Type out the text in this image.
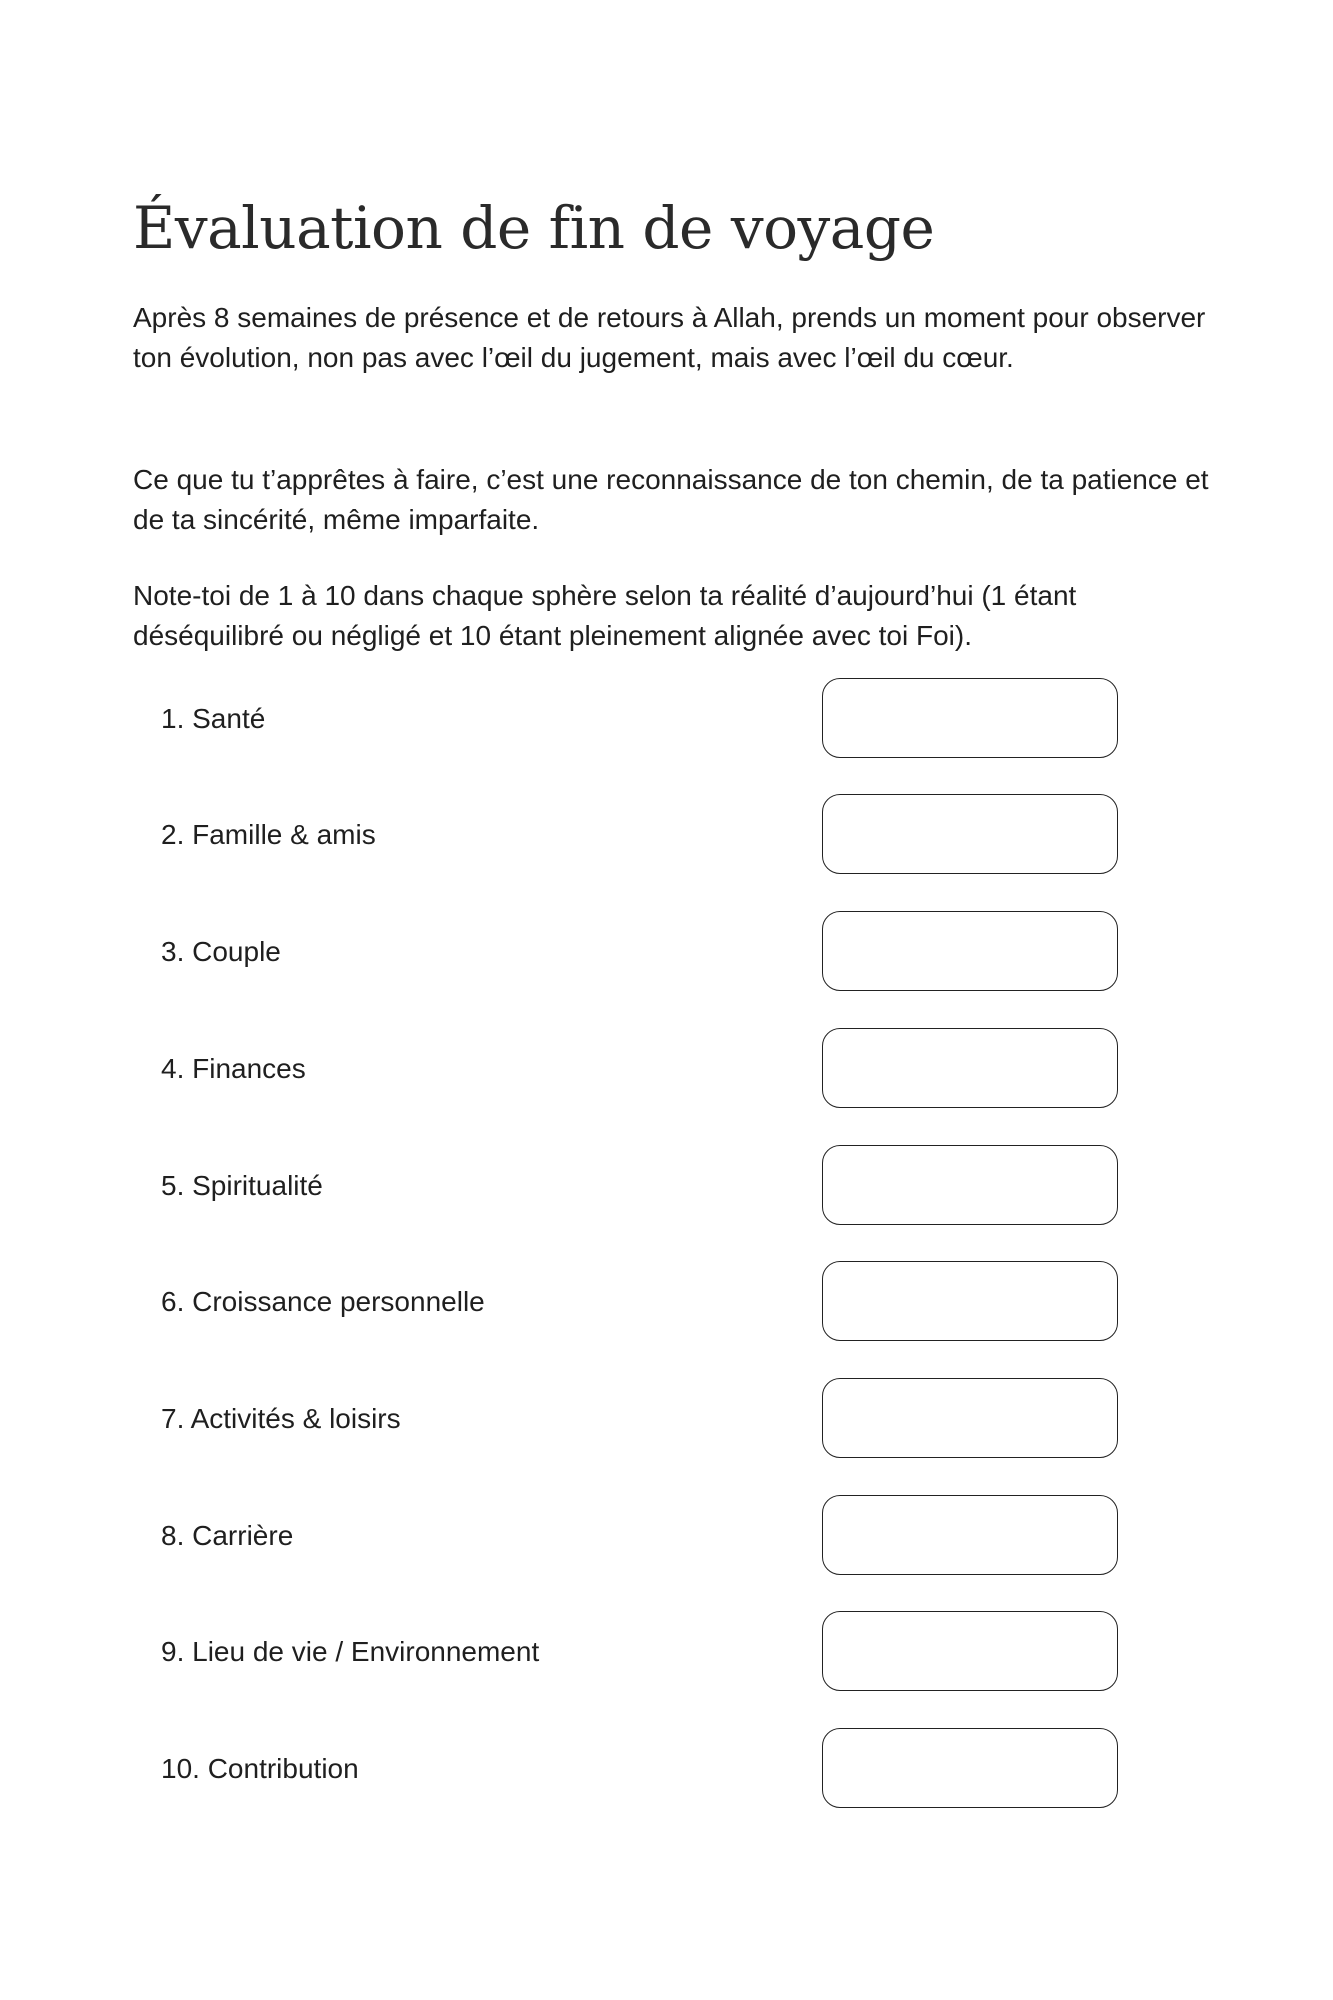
Évaluation de fin de voyage

Après 8 semaines de présence et de retours à Allah, prends un moment pour observer ton évolution, non pas avec l’œil du jugement, mais avec l’œil du cœur.

Ce que tu t’apprêtes à faire, c’est une reconnaissance de ton chemin, de ta patience et de ta sincérité, même imparfaite.

Note-toi de 1 à 10 dans chaque sphère selon ta réalité d’aujourd’hui (1 étant déséquilibré ou négligé et 10 étant pleinement alignée avec toi Foi).

1. Santé
2. Famille & amis
3. Couple
4. Finances
5. Spiritualité
6. Croissance personnelle
7. Activités & loisirs
8. Carrière
9. Lieu de vie / Environnement
10. Contribution
